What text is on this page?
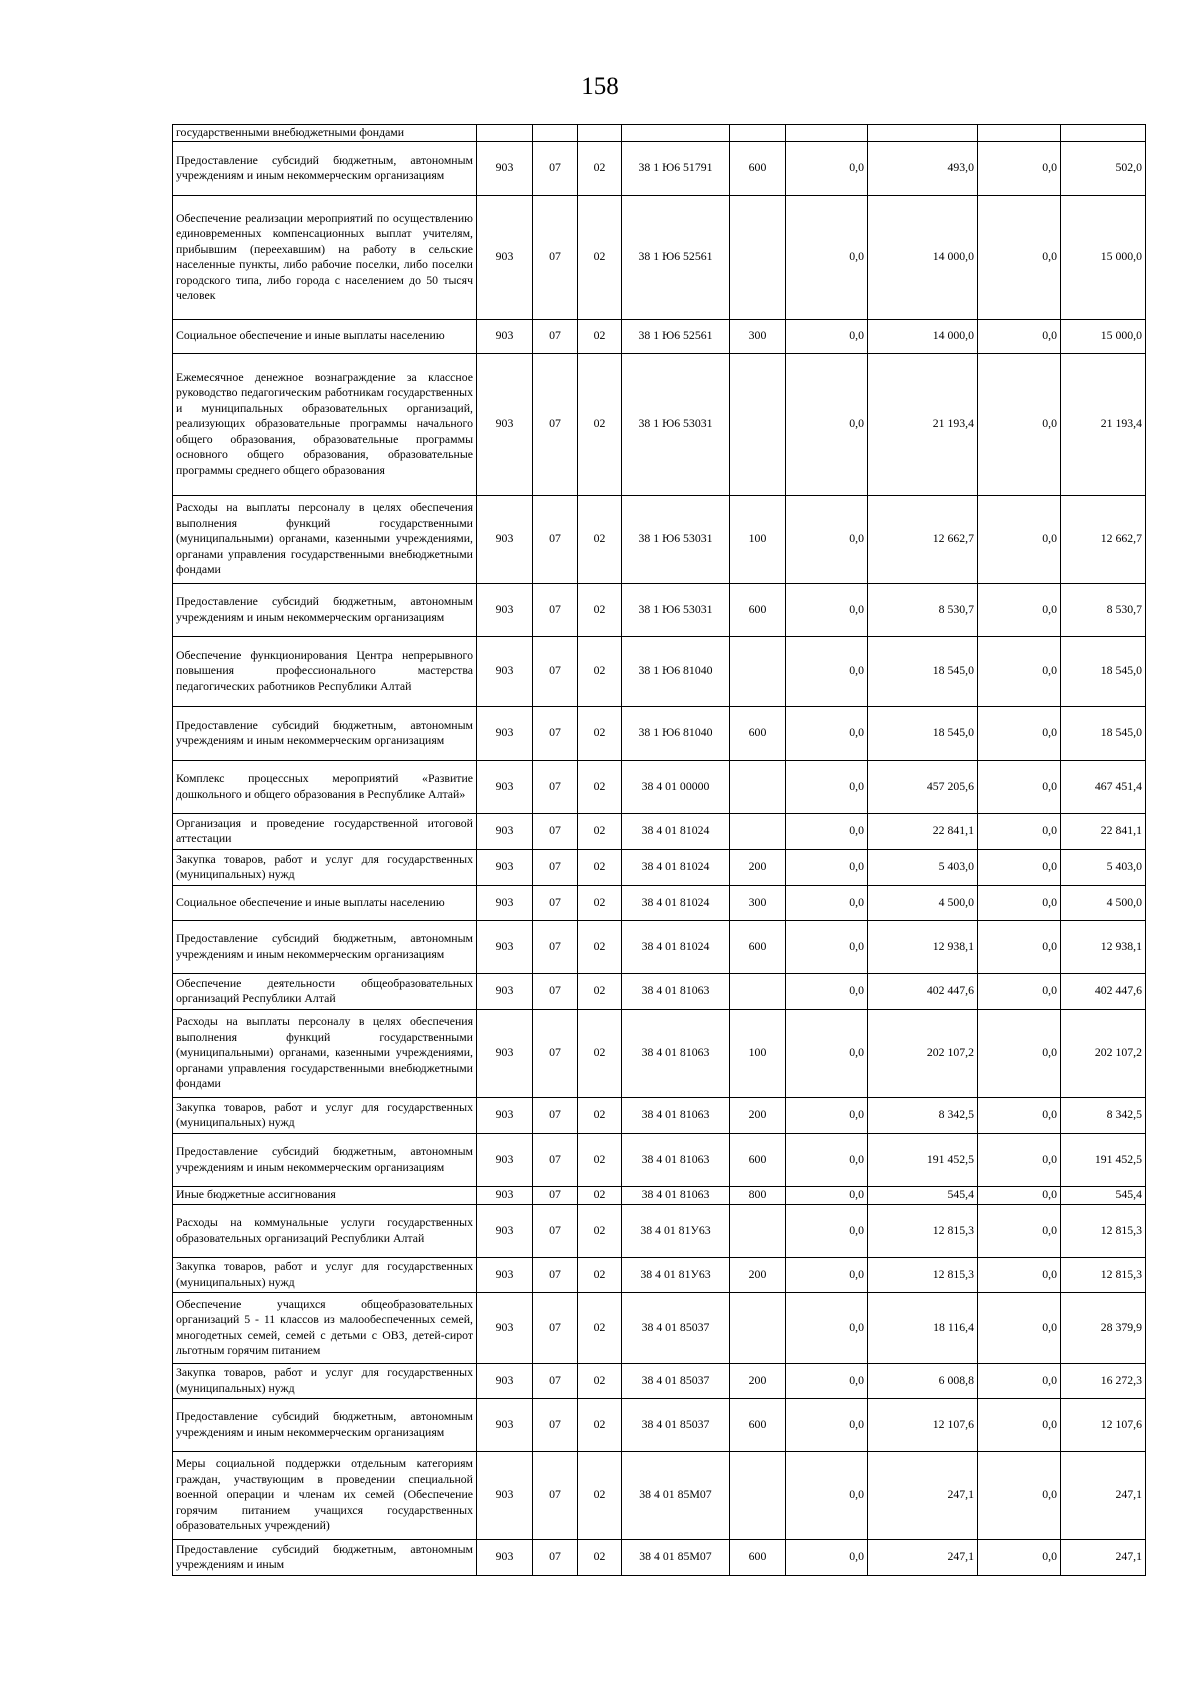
158
государственными внебюджетными фондами									
Предоставление субсидий бюджетным, автономным учреждениям и иным некоммерческим организациям	903	07	02	38 1 Ю6 51791	600	0,0	493,0	0,0	502,0
Обеспечение реализации мероприятий по осуществлению единовременных компенсационных выплат учителям, прибывшим (переехавшим) на работу в сельские населенные пункты, либо рабочие поселки, либо поселки городского типа, либо города с населением до 50 тысяч человек	903	07	02	38 1 Ю6 52561		0,0	14 000,0	0,0	15 000,0
Социальное обеспечение и иные выплаты населению	903	07	02	38 1 Ю6 52561	300	0,0	14 000,0	0,0	15 000,0
Ежемесячное денежное вознаграждение за классное руководство педагогическим работникам государственных и муниципальных образовательных организаций, реализующих образовательные программы начального общего образования, образовательные программы основного общего образования, образовательные программы среднего общего образования	903	07	02	38 1 Ю6 53031		0,0	21 193,4	0,0	21 193,4
Расходы на выплаты персоналу в целях обеспечения выполнения функций государственными (муниципальными) органами, казенными учреждениями, органами управления государственными внебюджетными фондами	903	07	02	38 1 Ю6 53031	100	0,0	12 662,7	0,0	12 662,7
Предоставление субсидий бюджетным, автономным учреждениям и иным некоммерческим организациям	903	07	02	38 1 Ю6 53031	600	0,0	8 530,7	0,0	8 530,7
Обеспечение функционирования Центра непрерывного повышения профессионального мастерства педагогических работников Республики Алтай	903	07	02	38 1 Ю6 81040		0,0	18 545,0	0,0	18 545,0
Предоставление субсидий бюджетным, автономным учреждениям и иным некоммерческим организациям	903	07	02	38 1 Ю6 81040	600	0,0	18 545,0	0,0	18 545,0
Комплекс процессных мероприятий «Развитие дошкольного и общего образования в Республике Алтай»	903	07	02	38 4 01 00000		0,0	457 205,6	0,0	467 451,4
Организация и проведение государственной итоговой аттестации	903	07	02	38 4 01 81024		0,0	22 841,1	0,0	22 841,1
Закупка товаров, работ и услуг для государственных (муниципальных) нужд	903	07	02	38 4 01 81024	200	0,0	5 403,0	0,0	5 403,0
Социальное обеспечение и иные выплаты населению	903	07	02	38 4 01 81024	300	0,0	4 500,0	0,0	4 500,0
Предоставление субсидий бюджетным, автономным учреждениям и иным некоммерческим организациям	903	07	02	38 4 01 81024	600	0,0	12 938,1	0,0	12 938,1
Обеспечение деятельности общеобразовательных организаций Республики Алтай	903	07	02	38 4 01 81063		0,0	402 447,6	0,0	402 447,6
Расходы на выплаты персоналу в целях обеспечения выполнения функций государственными (муниципальными) органами, казенными учреждениями, органами управления государственными внебюджетными фондами	903	07	02	38 4 01 81063	100	0,0	202 107,2	0,0	202 107,2
Закупка товаров, работ и услуг для государственных (муниципальных) нужд	903	07	02	38 4 01 81063	200	0,0	8 342,5	0,0	8 342,5
Предоставление субсидий бюджетным, автономным учреждениям и иным некоммерческим организациям	903	07	02	38 4 01 81063	600	0,0	191 452,5	0,0	191 452,5
Иные бюджетные ассигнования	903	07	02	38 4 01 81063	800	0,0	545,4	0,0	545,4
Расходы на коммунальные услуги государственных образовательных организаций Республики Алтай	903	07	02	38 4 01 81У63		0,0	12 815,3	0,0	12 815,3
Закупка товаров, работ и услуг для государственных (муниципальных) нужд	903	07	02	38 4 01 81У63	200	0,0	12 815,3	0,0	12 815,3
Обеспечение учащихся общеобразовательных организаций 5 - 11 классов из малообеспеченных семей, многодетных семей, семей с детьми с ОВЗ, детей-сирот льготным горячим питанием	903	07	02	38 4 01 85037		0,0	18 116,4	0,0	28 379,9
Закупка товаров, работ и услуг для государственных (муниципальных) нужд	903	07	02	38 4 01 85037	200	0,0	6 008,8	0,0	16 272,3
Предоставление субсидий бюджетным, автономным учреждениям и иным некоммерческим организациям	903	07	02	38 4 01 85037	600	0,0	12 107,6	0,0	12 107,6
Меры социальной поддержки отдельным категориям граждан, участвующим в проведении специальной военной операции и членам их семей (Обеспечение горячим питанием учащихся государственных образовательных учреждений)	903	07	02	38 4 01 85М07		0,0	247,1	0,0	247,1
Предоставление субсидий бюджетным, автономным учреждениям и иным	903	07	02	38 4 01 85М07	600	0,0	247,1	0,0	247,1
